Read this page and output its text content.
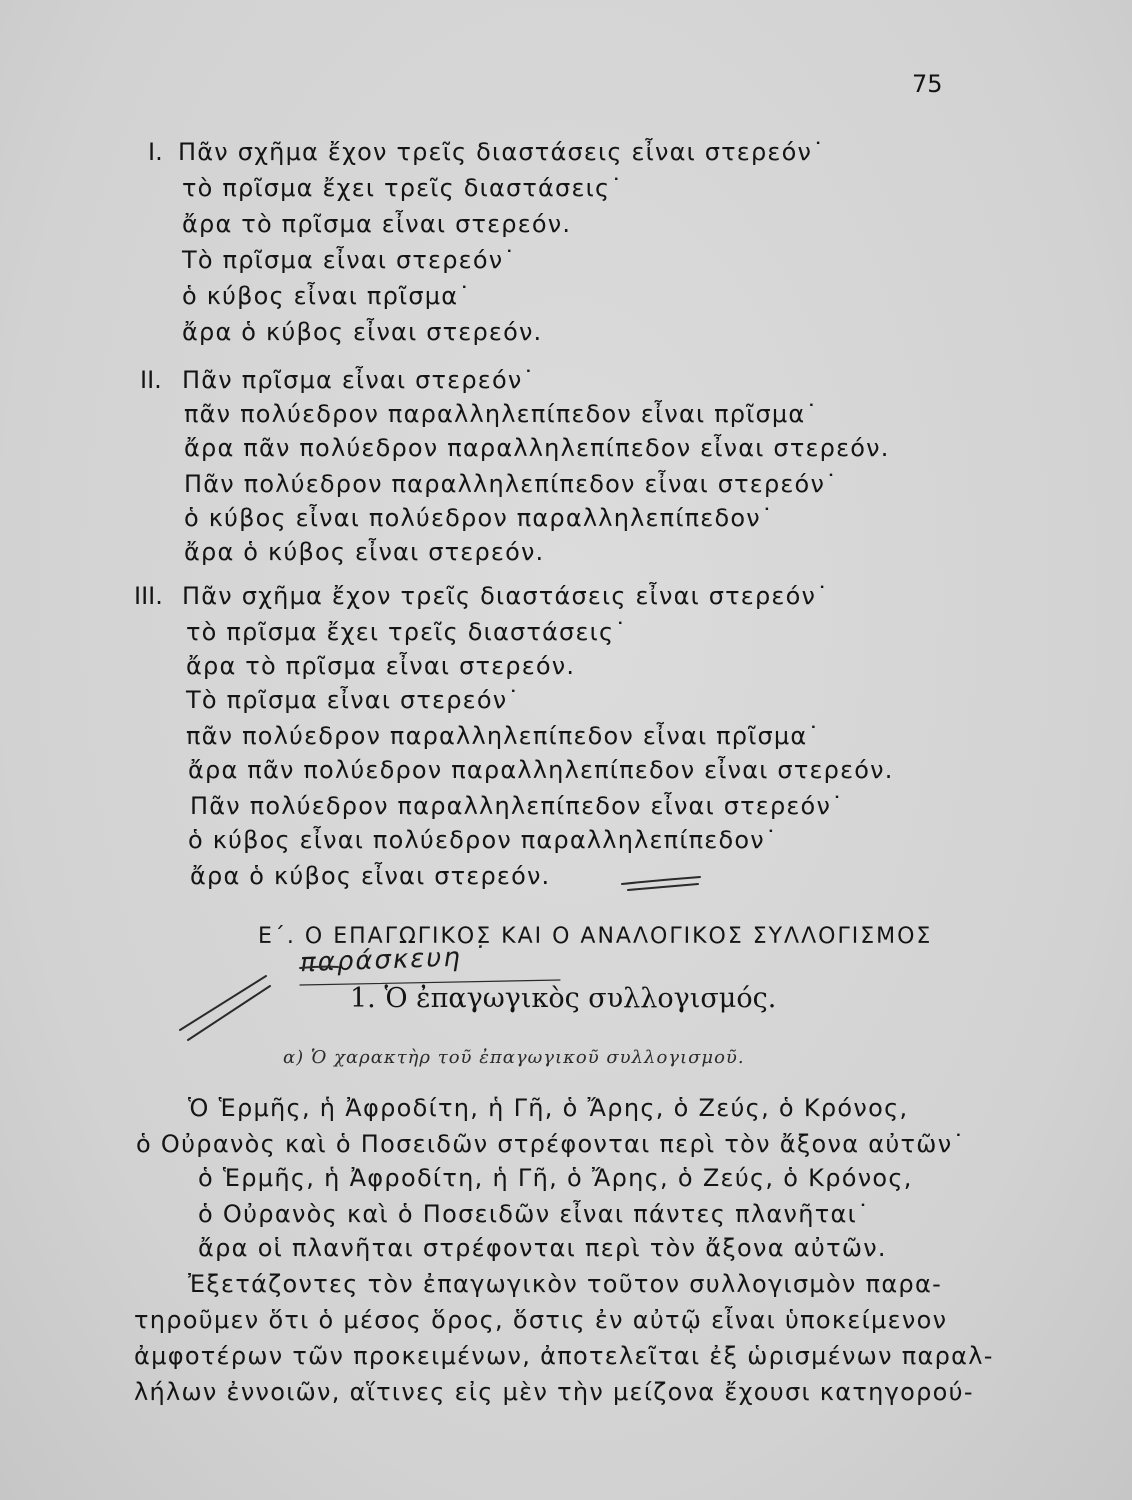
75
I. Πᾶν σχῆμα ἔχον τρεῖς διαστάσεις εἶναι στερεόν˙
τὸ πρῖσμα ἔχει τρεῖς διαστάσεις˙
ἄρα τὸ πρῖσμα εἶναι στερεόν.
Τὸ πρῖσμα εἶναι στερεόν˙
ὁ κύβος εἶναι πρῖσμα˙
ἄρα ὁ κύβος εἶναι στερεόν.
II. Πᾶν πρῖσμα εἶναι στερεόν˙
πᾶν πολύεδρον παραλληλεπίπεδον εἶναι πρῖσμα˙
ἄρα πᾶν πολύεδρον παραλληλεπίπεδον εἶναι στερεόν.
Πᾶν πολύεδρον παραλληλεπίπεδον εἶναι στερεόν˙
ὁ κύβος εἶναι πολύεδρον παραλληλεπίπεδον˙
ἄρα ὁ κύβος εἶναι στερεόν.
III. Πᾶν σχῆμα ἔχον τρεῖς διαστάσεις εἶναι στερεόν˙
τὸ πρῖσμα ἔχει τρεῖς διαστάσεις˙
ἄρα τὸ πρῖσμα εἶναι στερεόν.
Τὸ πρῖσμα εἶναι στερεόν˙
πᾶν πολύεδρον παραλληλεπίπεδον εἶναι πρῖσμα˙
ἄρα πᾶν πολύεδρον παραλληλεπίπεδον εἶναι στερεόν.
Πᾶν πολύεδρον παραλληλεπίπεδον εἶναι στερεόν˙
ὁ κύβος εἶναι πολύεδρον παραλληλεπίπεδον˙
ἄρα ὁ κύβος εἶναι στερεόν.
Ε΄. Ο ΕΠΑΓΩΓΙΚΟΣ ΚΑΙ Ο ΑΝΑΛΟΓΙΚΟΣ ΣΥΛΛΟΓΙΣΜΟΣ
παράσκευη ˙
1. Ὁ ἐπαγωγικὸς συλλογισμός.
α) Ὁ χαρακτὴρ τοῦ ἐπαγωγικοῦ συλλογισμοῦ.
Ὁ Ἑρμῆς, ἡ Ἀφροδίτη, ἡ Γῆ, ὁ Ἄρης, ὁ Ζεύς, ὁ Κρόνος,
ὁ Οὐρανὸς καὶ ὁ Ποσειδῶν στρέφονται περὶ τὸν ἄξονα αὐτῶν˙
ὁ Ἑρμῆς, ἡ Ἀφροδίτη, ἡ Γῆ, ὁ Ἄρης, ὁ Ζεύς, ὁ Κρόνος,
ὁ Οὐρανὸς καὶ ὁ Ποσειδῶν εἶναι πάντες πλανῆται˙
ἄρα οἱ πλανῆται στρέφονται περὶ τὸν ἄξονα αὐτῶν.
Ἐξετάζοντες τὸν ἐπαγωγικὸν τοῦτον συλλογισμὸν παρα-
τηροῦμεν ὅτι ὁ μέσος ὅρος, ὅστις ἐν αὐτῷ εἶναι ὑποκείμενον
ἀμφοτέρων τῶν προκειμένων, ἀποτελεῖται ἐξ ὡρισμένων παραλ-
λήλων ἐννοιῶν, αἵτινες εἰς μὲν τὴν μείζονα ἔχουσι κατηγορού-
